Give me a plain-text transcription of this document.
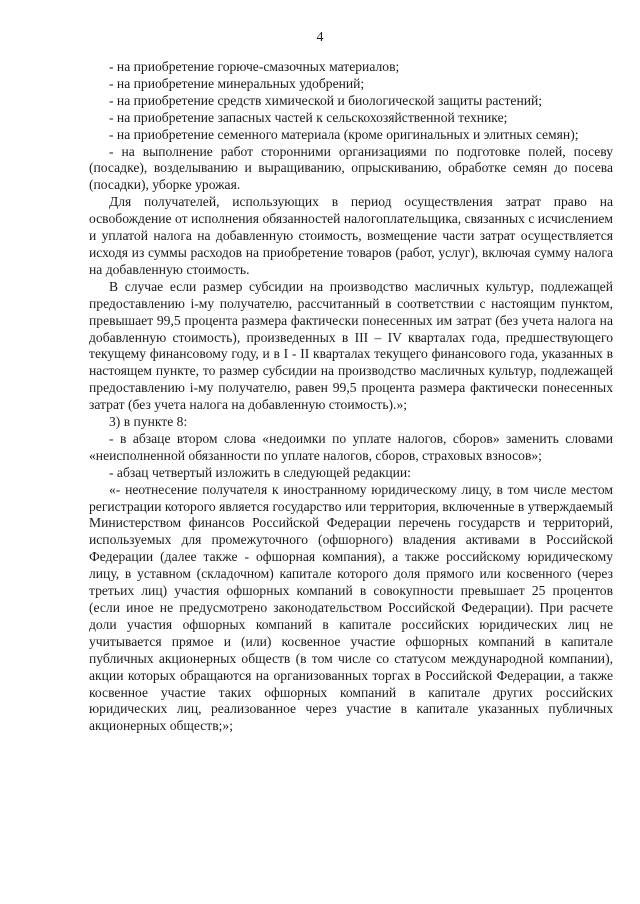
4

- на приобретение горюче-смазочных материалов;

- на приобретение минеральных удобрений;

- на приобретение средств химической и биологической защиты растений;

- на приобретение запасных частей к сельскохозяйственной технике;

- на приобретение семенного материала (кроме оригинальных и элитных семян);

- на выполнение работ сторонними организациями по подготовке полей, посеву (посадке), возделыванию и выращиванию, опрыскиванию, обработке семян до посева (посадки), уборке урожая.

Для получателей, использующих в период осуществления затрат право на освобождение от исполнения обязанностей налогоплательщика, связанных с исчислением и уплатой налога на добавленную стоимость, возмещение части затрат осуществляется исходя из суммы расходов на приобретение товаров (работ, услуг), включая сумму налога на добавленную стоимость.

В случае если размер субсидии на производство масличных культур, подлежащей предоставлению i-му получателю, рассчитанный в соответствии с настоящим пунктом, превышает 99,5 процента размера фактически понесенных им затрат (без учета налога на добавленную стоимость), произведенных в III – IV кварталах года, предшествующего текущему финансовому году, и в I - II кварталах текущего финансового года, указанных в настоящем пункте, то размер субсидии на производство масличных культур, подлежащей предоставлению i-му получателю, равен 99,5 процента размера фактически понесенных затрат (без учета налога на добавленную стоимость).»;

3) в пункте 8:

- в абзаце втором слова «недоимки по уплате налогов, сборов» заменить словами «неисполненной обязанности по уплате налогов, сборов, страховых взносов»;

- абзац четвертый изложить в следующей редакции:

«- неотнесение получателя к иностранному юридическому лицу, в том числе местом регистрации которого является государство или территория, включенные в утверждаемый Министерством финансов Российской Федерации перечень государств и территорий, используемых для промежуточного (офшорного) владения активами в Российской Федерации (далее также - офшорная компания), а также российскому юридическому лицу, в уставном (складочном) капитале которого доля прямого или косвенного (через третьих лиц) участия офшорных компаний в совокупности превышает 25 процентов (если иное не предусмотрено законодательством Российской Федерации). При расчете доли участия офшорных компаний в капитале российских юридических лиц не учитывается прямое и (или) косвенное участие офшорных компаний в капитале публичных акционерных обществ (в том числе со статусом международной компании), акции которых обращаются на организованных торгах в Российской Федерации, а также косвенное участие таких офшорных компаний в капитале других российских юридических лиц, реализованное через участие в капитале указанных публичных акционерных обществ;»;
